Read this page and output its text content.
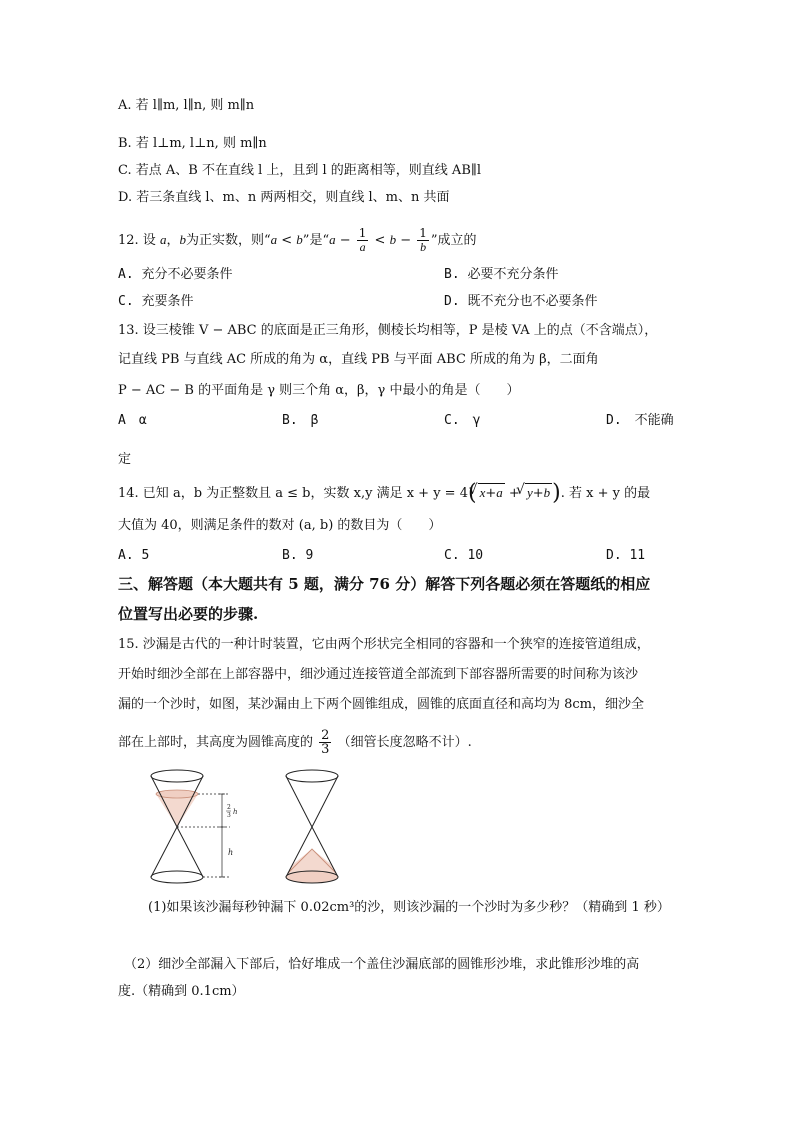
A. 若 l∥m, l∥n, 则 m∥n
B. 若 l⊥m, l⊥n, 则 m∥n
C. 若点 A、B 不在直线 l 上，且到 l 的距离相等，则直线 AB∥l
D. 若三条直线 l、m、n 两两相交，则直线 l、m、n 共面
12. 设 a，b为正实数，则“a < b”是“$a - \frac{1}{a} < b - \frac{1}{b}$ ”成立的
A. 充分不必要条件	B. 必要不充分条件
C. 充要条件	D. 既不充分也不必要条件
13. 设三棱锥 V − ABC 的底面是正三角形，侧棱长均相等，P 是棱 VA 上的点（不含端点），
记直线 PB 与直线 AC 所成的角为 α，直线 PB 与平面 ABC 所成的角为 β，二面角
P − AC − B 的平面角是 γ 则三个角 α，β，γ 中最小的角是（　　）
A　α	B.　β	C.　γ	D.　不能确
定
14. 已知 a，b 为正整数且 a ≤ b，实数 x,y 满足 x + y = 4(√ x+a + √ y+b). 若 x + y 的最
大值为 40，则满足条件的数对 (a, b) 的数目为（　　）
A. 5	B. 9	C. 10	D. 11
三、解答题（本大题共有 5 题，满分 76 分）解答下列各题必须在答题纸的相应
位置写出必要的步骤.
15. 沙漏是古代的一种计时装置，它由两个形状完全相同的容器和一个狭窄的连接管道组成，
开始时细沙全部在上部容器中，细沙通过连接管道全部流到下部容器所需要的时间称为该沙
漏的一个沙时，如图，某沙漏由上下两个圆锥组成，圆锥的底面直径和高均为 8cm，细沙全
部在上部时，其高度为圆锥高度的 $\frac{2}{3}$ （细管长度忽略不计）.
2
3 h
h
(1)如果该沙漏每秒钟漏下 0.02cm³的沙，则该沙漏的一个沙时为多少秒？（精确到 1 秒）
（2）细沙全部漏入下部后，恰好堆成一个盖住沙漏底部的圆锥形沙堆，求此锥形沙堆的高
度.（精确到 0.1cm）
